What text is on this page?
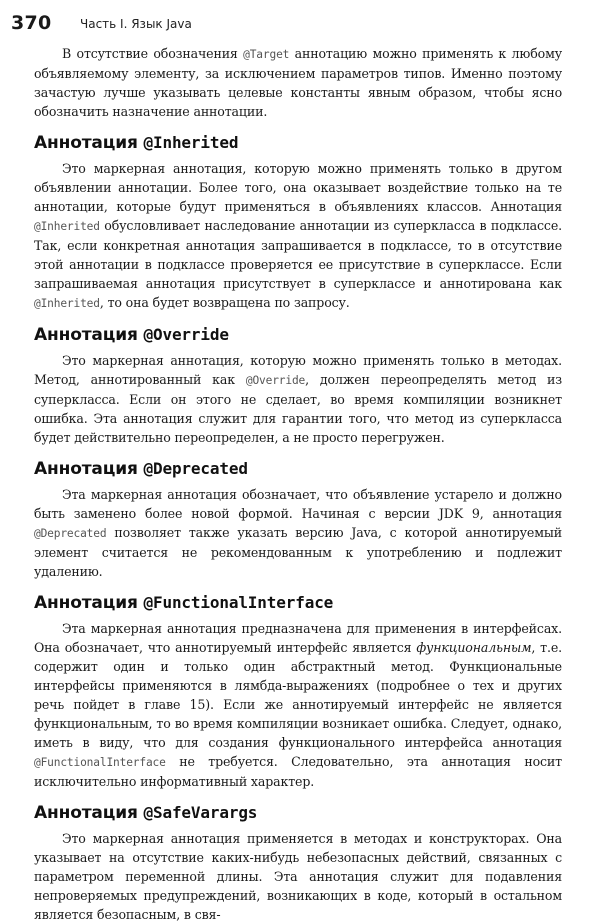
370 Часть I. Язык Java

В отсутствие обозначения @Target аннотацию можно применять к любому объявляемому элементу, за исключением параметров типов. Именно поэтому зачастую лучше указывать целевые константы явным образом, чтобы ясно обозначить назначение аннотации.

Аннотация @Inherited

Это маркерная аннотация, которую можно применять только в другом объявлении аннотации. Более того, она оказывает воздействие только на те аннотации, которые будут применяться в объявлениях классов. Аннотация @Inherited обусловливает наследование аннотации из суперкласса в подклассе. Так, если конкретная аннотация запрашивается в подклассе, то в отсутствие этой аннотации в подклассе проверяется ее присутствие в суперклассе. Если запрашиваемая аннотация присутствует в суперклассе и аннотирована как @Inherited, то она будет возвращена по запросу.

Аннотация @Override

Это маркерная аннотация, которую можно применять только в методах. Метод, аннотированный как @Override, должен переопределять метод из суперкласса. Если он этого не сделает, во время компиляции возникнет ошибка. Эта аннотация служит для гарантии того, что метод из суперкласса будет действительно переопределен, а не просто перегружен.

Аннотация @Deprecated

Эта маркерная аннотация обозначает, что объявление устарело и должно быть заменено более новой формой. Начиная с версии JDK 9, аннотация @Deprecated позволяет также указать версию Java, с которой аннотируемый элемент считается не рекомендованным к употреблению и подлежит удалению.

Аннотация @FunctionalInterface

Эта маркерная аннотация предназначена для применения в интерфейсах. Она обозначает, что аннотируемый интерфейс является функциональным, т.е. содержит один и только один абстрактный метод. Функциональные интерфейсы применяются в лямбда-выражениях (подробнее о тех и других речь пойдет в главе 15). Если же аннотируемый интерфейс не является функциональным, то во время компиляции возникает ошибка. Следует, однако, иметь в виду, что для создания функционального интерфейса аннотация @FunctionalInterface не требуется. Следовательно, эта аннотация носит исключительно информативный характер.

Аннотация @SafeVarargs

Это маркерная аннотация применяется в методах и конструкторах. Она указывает на отсутствие каких-нибудь небезопасных действий, связанных с параметром переменной длины. Эта аннотация служит для подавления непроверяемых предупреждений, возникающих в коде, который в остальном является безопасным, в свя-
